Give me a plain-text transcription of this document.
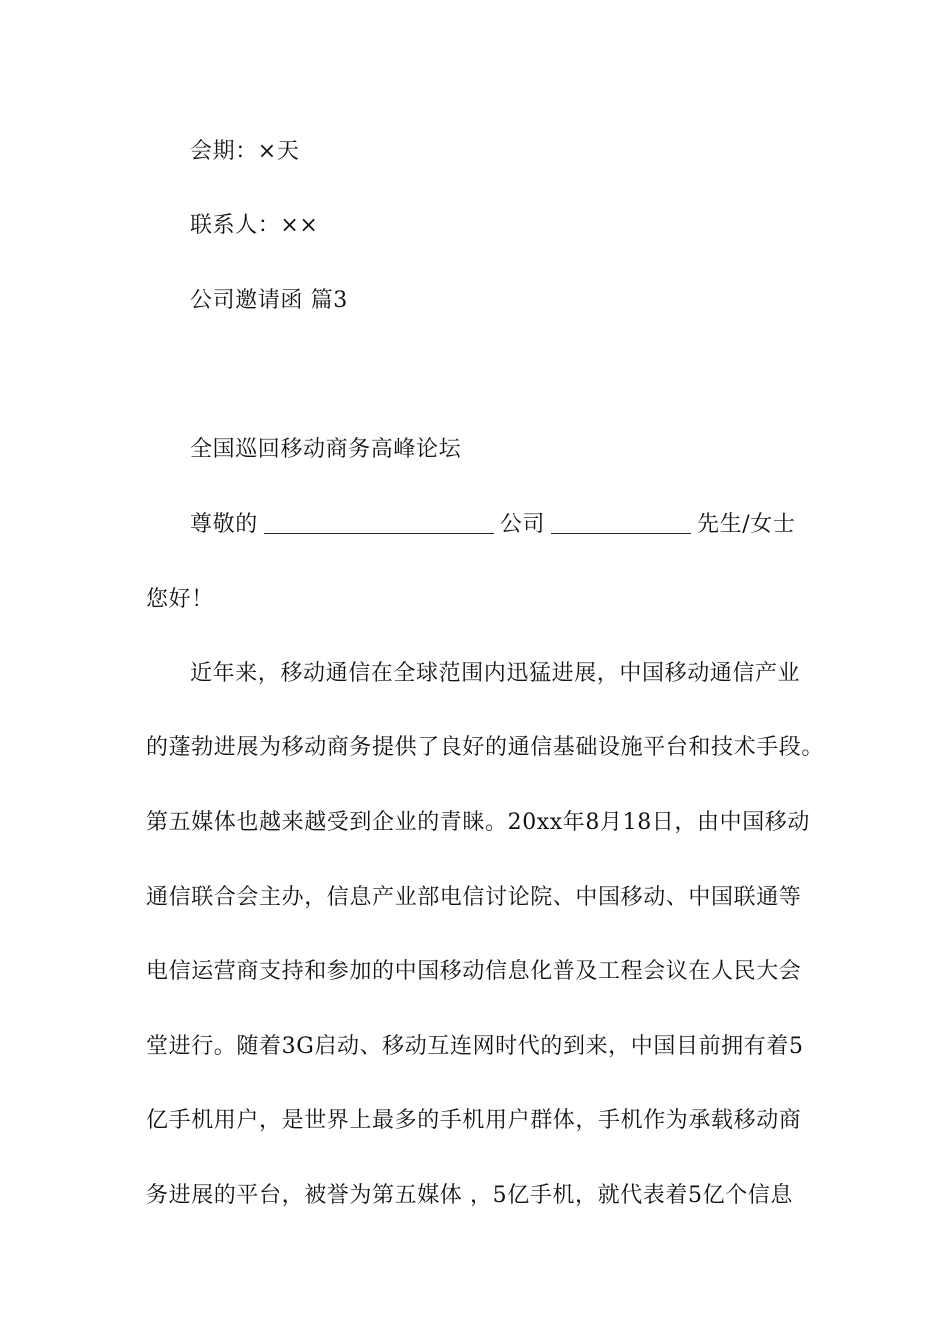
会期：×天
联系人：××
公司邀请函 篇3
全国巡回移动商务高峰论坛
尊敬的	公司	先生/女士
您好！
近年来，移动通信在全球范围内迅猛进展，中国移动通信产业
的蓬勃进展为移动商务提供了良好的通信基础设施平台和技术手段。
第五媒体也越来越受到企业的青睐。20xx年8月18日，由中国移动
通信联合会主办，信息产业部电信讨论院、中国移动、中国联通等
电信运营商支持和参加的中国移动信息化普及工程会议在人民大会
堂进行。随着3G启动、移动互连网时代的到来，中国目前拥有着5
亿手机用户，是世界上最多的手机用户群体，手机作为承载移动商
务进展的平台，被誉为第五媒体 ，5亿手机，就代表着5亿个信息
